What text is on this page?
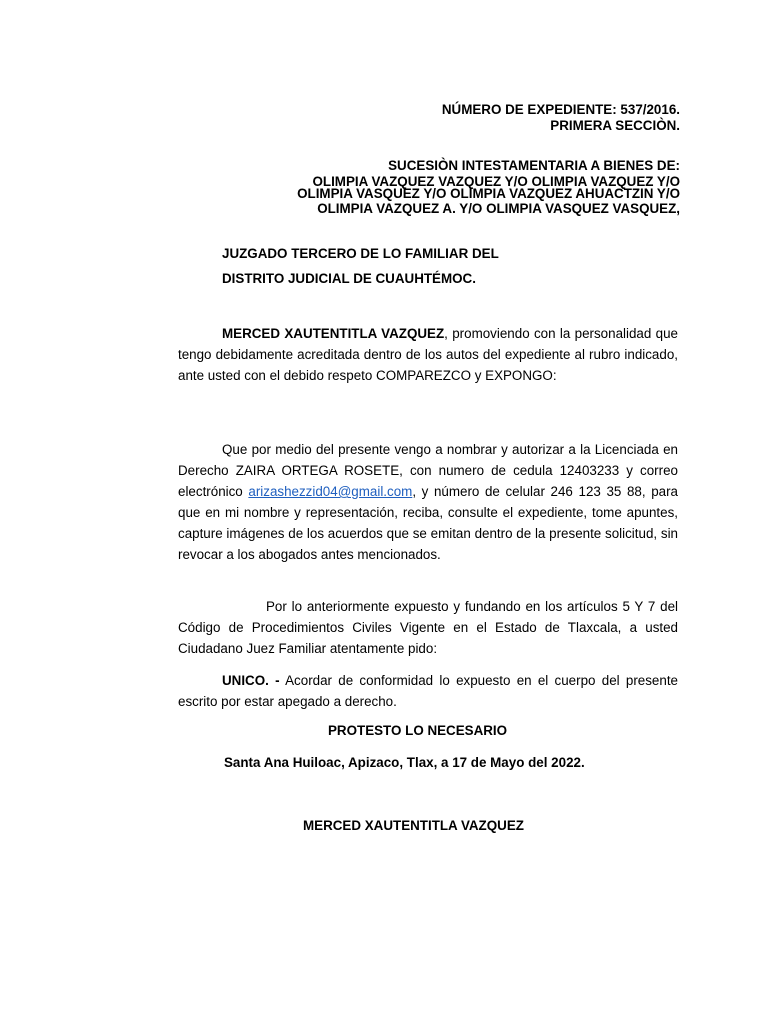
NÚMERO DE EXPEDIENTE: 537/2016.
PRIMERA SECCIÒN.
SUCESIÒN INTESTAMENTARIA A BIENES DE:
OLIMPIA VAZQUEZ VAZQUEZ Y/O OLIMPIA VAZQUEZ Y/O
OLIMPIA VASQUEZ Y/O OLIMPIA VAZQUEZ AHUACTZIN Y/O
OLIMPIA VAZQUEZ A. Y/O OLIMPIA VASQUEZ VASQUEZ,
JUZGADO TERCERO DE LO FAMILIAR DEL
DISTRITO JUDICIAL DE CUAUHTÉMOC.
MERCED XAUTENTITLA VAZQUEZ, promoviendo con la personalidad que tengo debidamente acreditada dentro de los autos del expediente al rubro indicado, ante usted con el debido respeto COMPAREZCO y EXPONGO:
Que por medio del presente vengo a nombrar y autorizar a la Licenciada en Derecho ZAIRA ORTEGA ROSETE, con numero de cedula 12403233 y correo electrónico arizashezzid04@gmail.com, y número de celular 246 123 35 88, para que en mi nombre y representación, reciba, consulte el expediente, tome apuntes, capture imágenes de los acuerdos que se emitan dentro de la presente solicitud, sin revocar a los abogados antes mencionados.
Por lo anteriormente expuesto y fundando en los artículos 5 Y 7 del Código de Procedimientos Civiles Vigente en el Estado de Tlaxcala, a usted Ciudadano Juez Familiar atentamente pido:
UNICO. - Acordar de conformidad lo expuesto en el cuerpo del presente escrito por estar apegado a derecho.
PROTESTO LO NECESARIO
Santa Ana Huiloac, Apizaco, Tlax, a 17 de Mayo del 2022.
MERCED XAUTENTITLA VAZQUEZ
